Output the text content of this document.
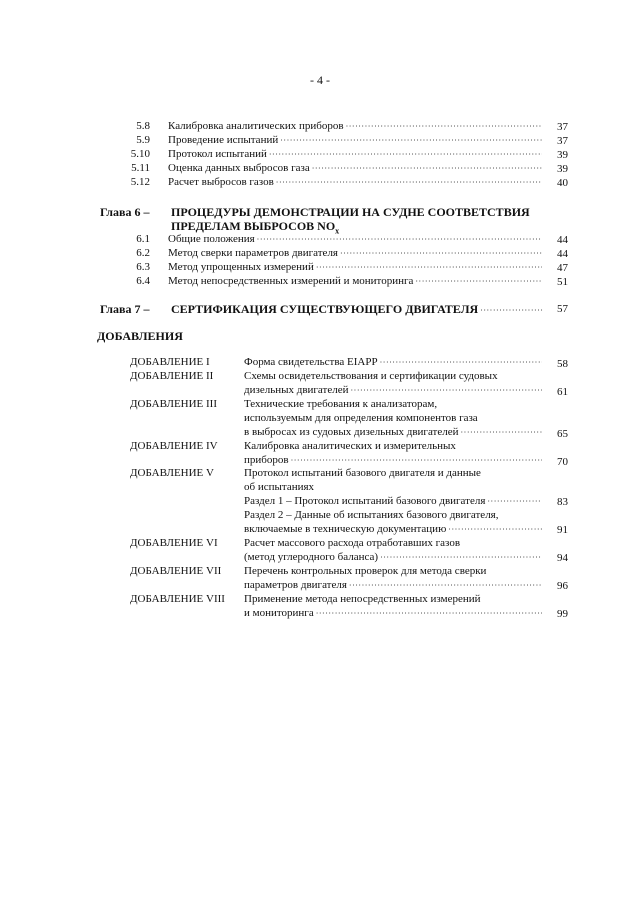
- 4 -
5.8 Калибровка аналитических приборов ·····	37
5.9 Проведение испытаний ·····	37
5.10 Протокол испытаний ·····	39
5.11 Оценка данных выбросов газа ·····	39
5.12 Расчет выбросов газов ·····	40
Глава 6 – ПРОЦЕДУРЫ ДЕМОНСТРАЦИИ НА СУДНЕ СООТВЕТСТВИЯ
ПРЕДЕЛАМ ВЫБРОСОВ $NO_x$
6.1 Общие положения ·····	44
6.2 Метод сверки параметров двигателя ·····	44
6.3 Метод упрощенных измерений ·····	47
6.4 Метод непосредственных измерений и мониторинга ·····	51
Глава 7 – СЕРТИФИКАЦИЯ СУЩЕСТВУЮЩЕГО ДВИГАТЕЛЯ ·····	57
ДОБАВЛЕНИЯ
ДОБАВЛЕНИЕ I	Форма свидетельства EIAPP ·····	58
ДОБАВЛЕНИЕ II	Схемы освидетельствования и сертификации судовых
дизельных двигателей ·····	61
ДОБАВЛЕНИЕ III Технические требования к анализаторам,
используемым для определения компонентов газа
в выбросах из судовых дизельных двигателей ·····	65
ДОБАВЛЕНИЕ IV Калибровка аналитических и измерительных
приборов ·····	70
ДОБАВЛЕНИЕ V	Протокол испытаний базового двигателя и данные
об испытаниях
Раздел 1 – Протокол испытаний базового двигателя ·····	83
Раздел 2 – Данные об испытаниях базового двигателя,
включаемые в техническую документацию ·····	91
ДОБАВЛЕНИЕ VI Расчет массового расхода отработавших газов
(метод углеродного баланса) ·····	94
ДОБАВЛЕНИЕ VII Перечень контрольных проверок для метода сверки
параметров двигателя ·····	96
ДОБАВЛЕНИЕ VIII Применение метода непосредственных измерений
и мониторинга ·····	99
